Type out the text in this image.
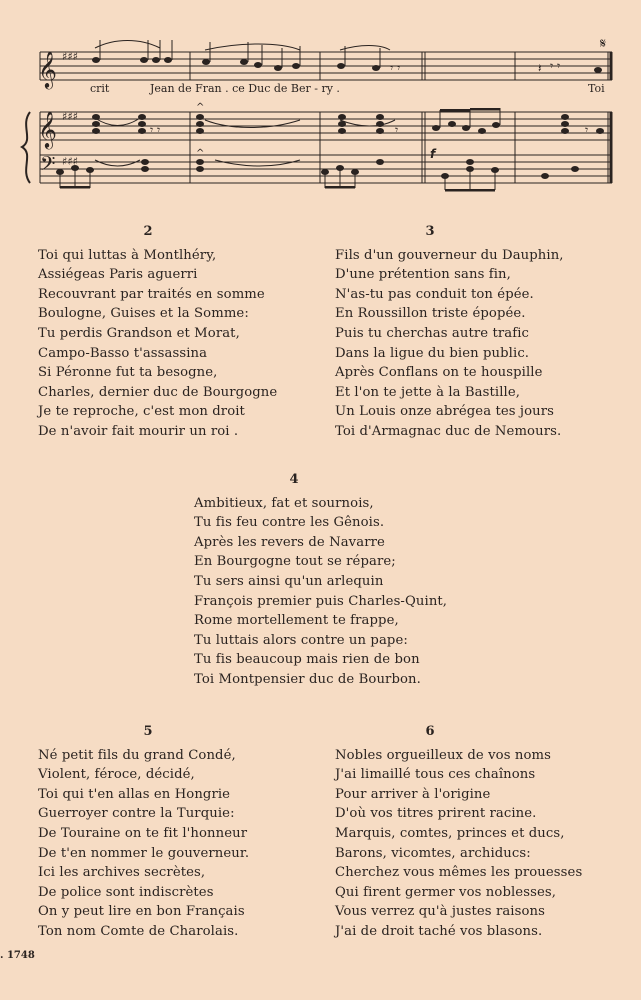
𝄞
𝄞
𝄢
♯♯♯
♯♯♯
♯♯♯
𝄾 𝄾	𝄽 𝄾 𝄾
𝄾 𝄾	𝄾	𝄾
f
^
^
𝄋
crit	Jean de Fran . ce Duc de Ber - ry .	Toi
2
Toi qui luttas à Montlhéry,
Assiégeas Paris aguerri
Recouvrant par traités en somme
Boulogne, Guises et la Somme:
Tu perdis Grandson et Morat,
Campo-Basso t'assassina
Si Péronne fut ta besogne,
Charles, dernier duc de Bourgogne
Je te reproche, c'est mon droit
De n'avoir fait mourir un roi .
3
Fils d'un gouverneur du Dauphin,
D'une prétention sans fin,
N'as-tu pas conduit ton épée.
En Roussillon triste épopée.
Puis tu cherchas autre trafic
Dans la ligue du bien public.
Après Conflans on te houspille
Et l'on te jette à la Bastille,
Un Louis onze abrégea tes jours
Toi d'Armagnac duc de Nemours.
4
Ambitieux, fat et sournois,
Tu fis feu contre les Gênois.
Après les revers de Navarre
En Bourgogne tout se répare;
Tu sers ainsi qu'un arlequin
François premier puis Charles-Quint,
Rome mortellement te frappe,
Tu luttais alors contre un pape:
Tu fis beaucoup mais rien de bon
Toi Montpensier duc de Bourbon.
5
Né petit fils du grand Condé,
Violent, féroce, décidé,
Toi qui t'en allas en Hongrie
Guerroyer contre la Turquie:
De Touraine on te fit l'honneur
De t'en nommer le gouverneur.
Ici les archives secrètes,
De police sont indiscrètes
On y peut lire en bon Français
Ton nom Comte de Charolais.
6
Nobles orgueilleux de vos noms
J'ai limaillé tous ces chaînons
Pour arriver à l'origine
D'où vos titres prirent racine.
Marquis, comtes, princes et ducs,
Barons, vicomtes, archiducs:
Cherchez vous mêmes les prouesses
Qui firent germer vos noblesses,
Vous verrez qu'à justes raisons
J'ai de droit taché vos blasons.
. 1748
